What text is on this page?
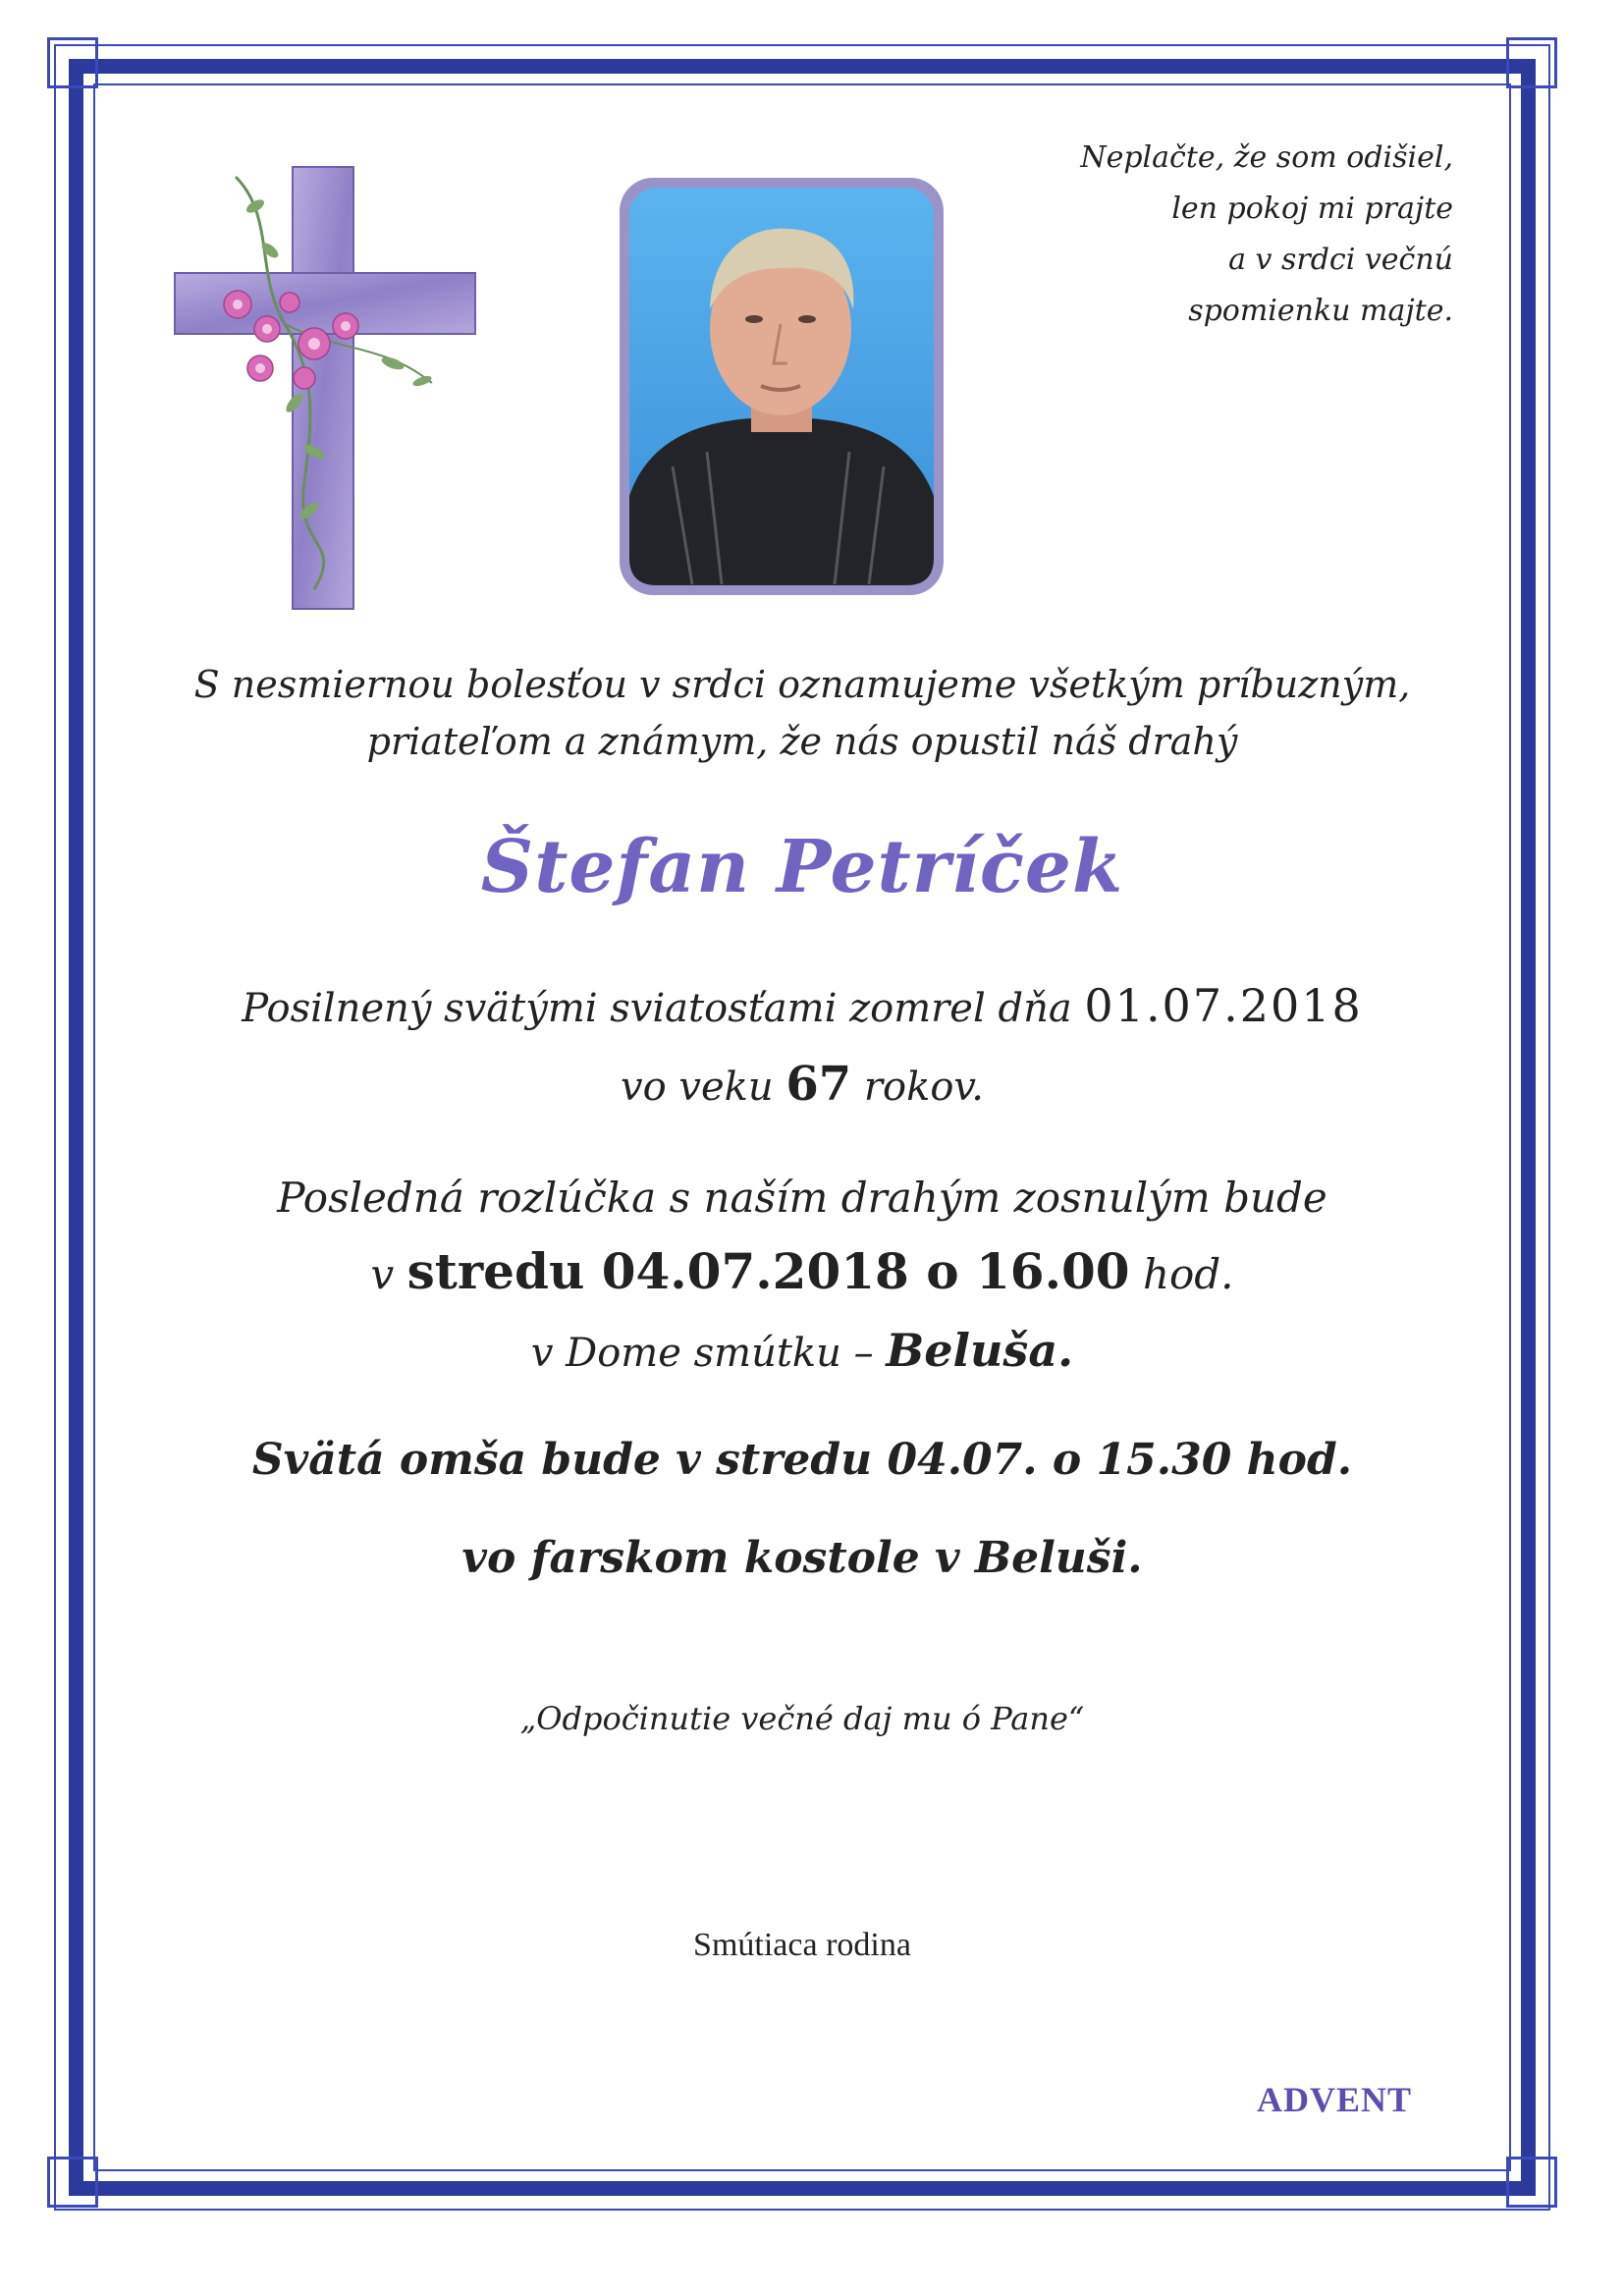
Neplačte, že som odišiel,
len pokoj mi prajte
a v srdci večnú
spomienku majte.
S nesmiernou bolesťou v srdci oznamujeme všetkým príbuzným,
priateľom a známym, že nás opustil náš drahý
Štefan Petríček
Posilnený svätými sviatosťami zomrel dňa 01.07.2018
vo veku 67 rokov.
Posledná rozlúčka s naším drahým zosnulým bude
v stredu 04.07.2018 o 16.00 hod.
v Dome smútku – Beluša.
Svätá omša bude v stredu 04.07. o 15.30 hod.
vo farskom kostole v Beluši.
„Odpočinutie večné daj mu ó Pane“
Smútiaca rodina
ADVENT
